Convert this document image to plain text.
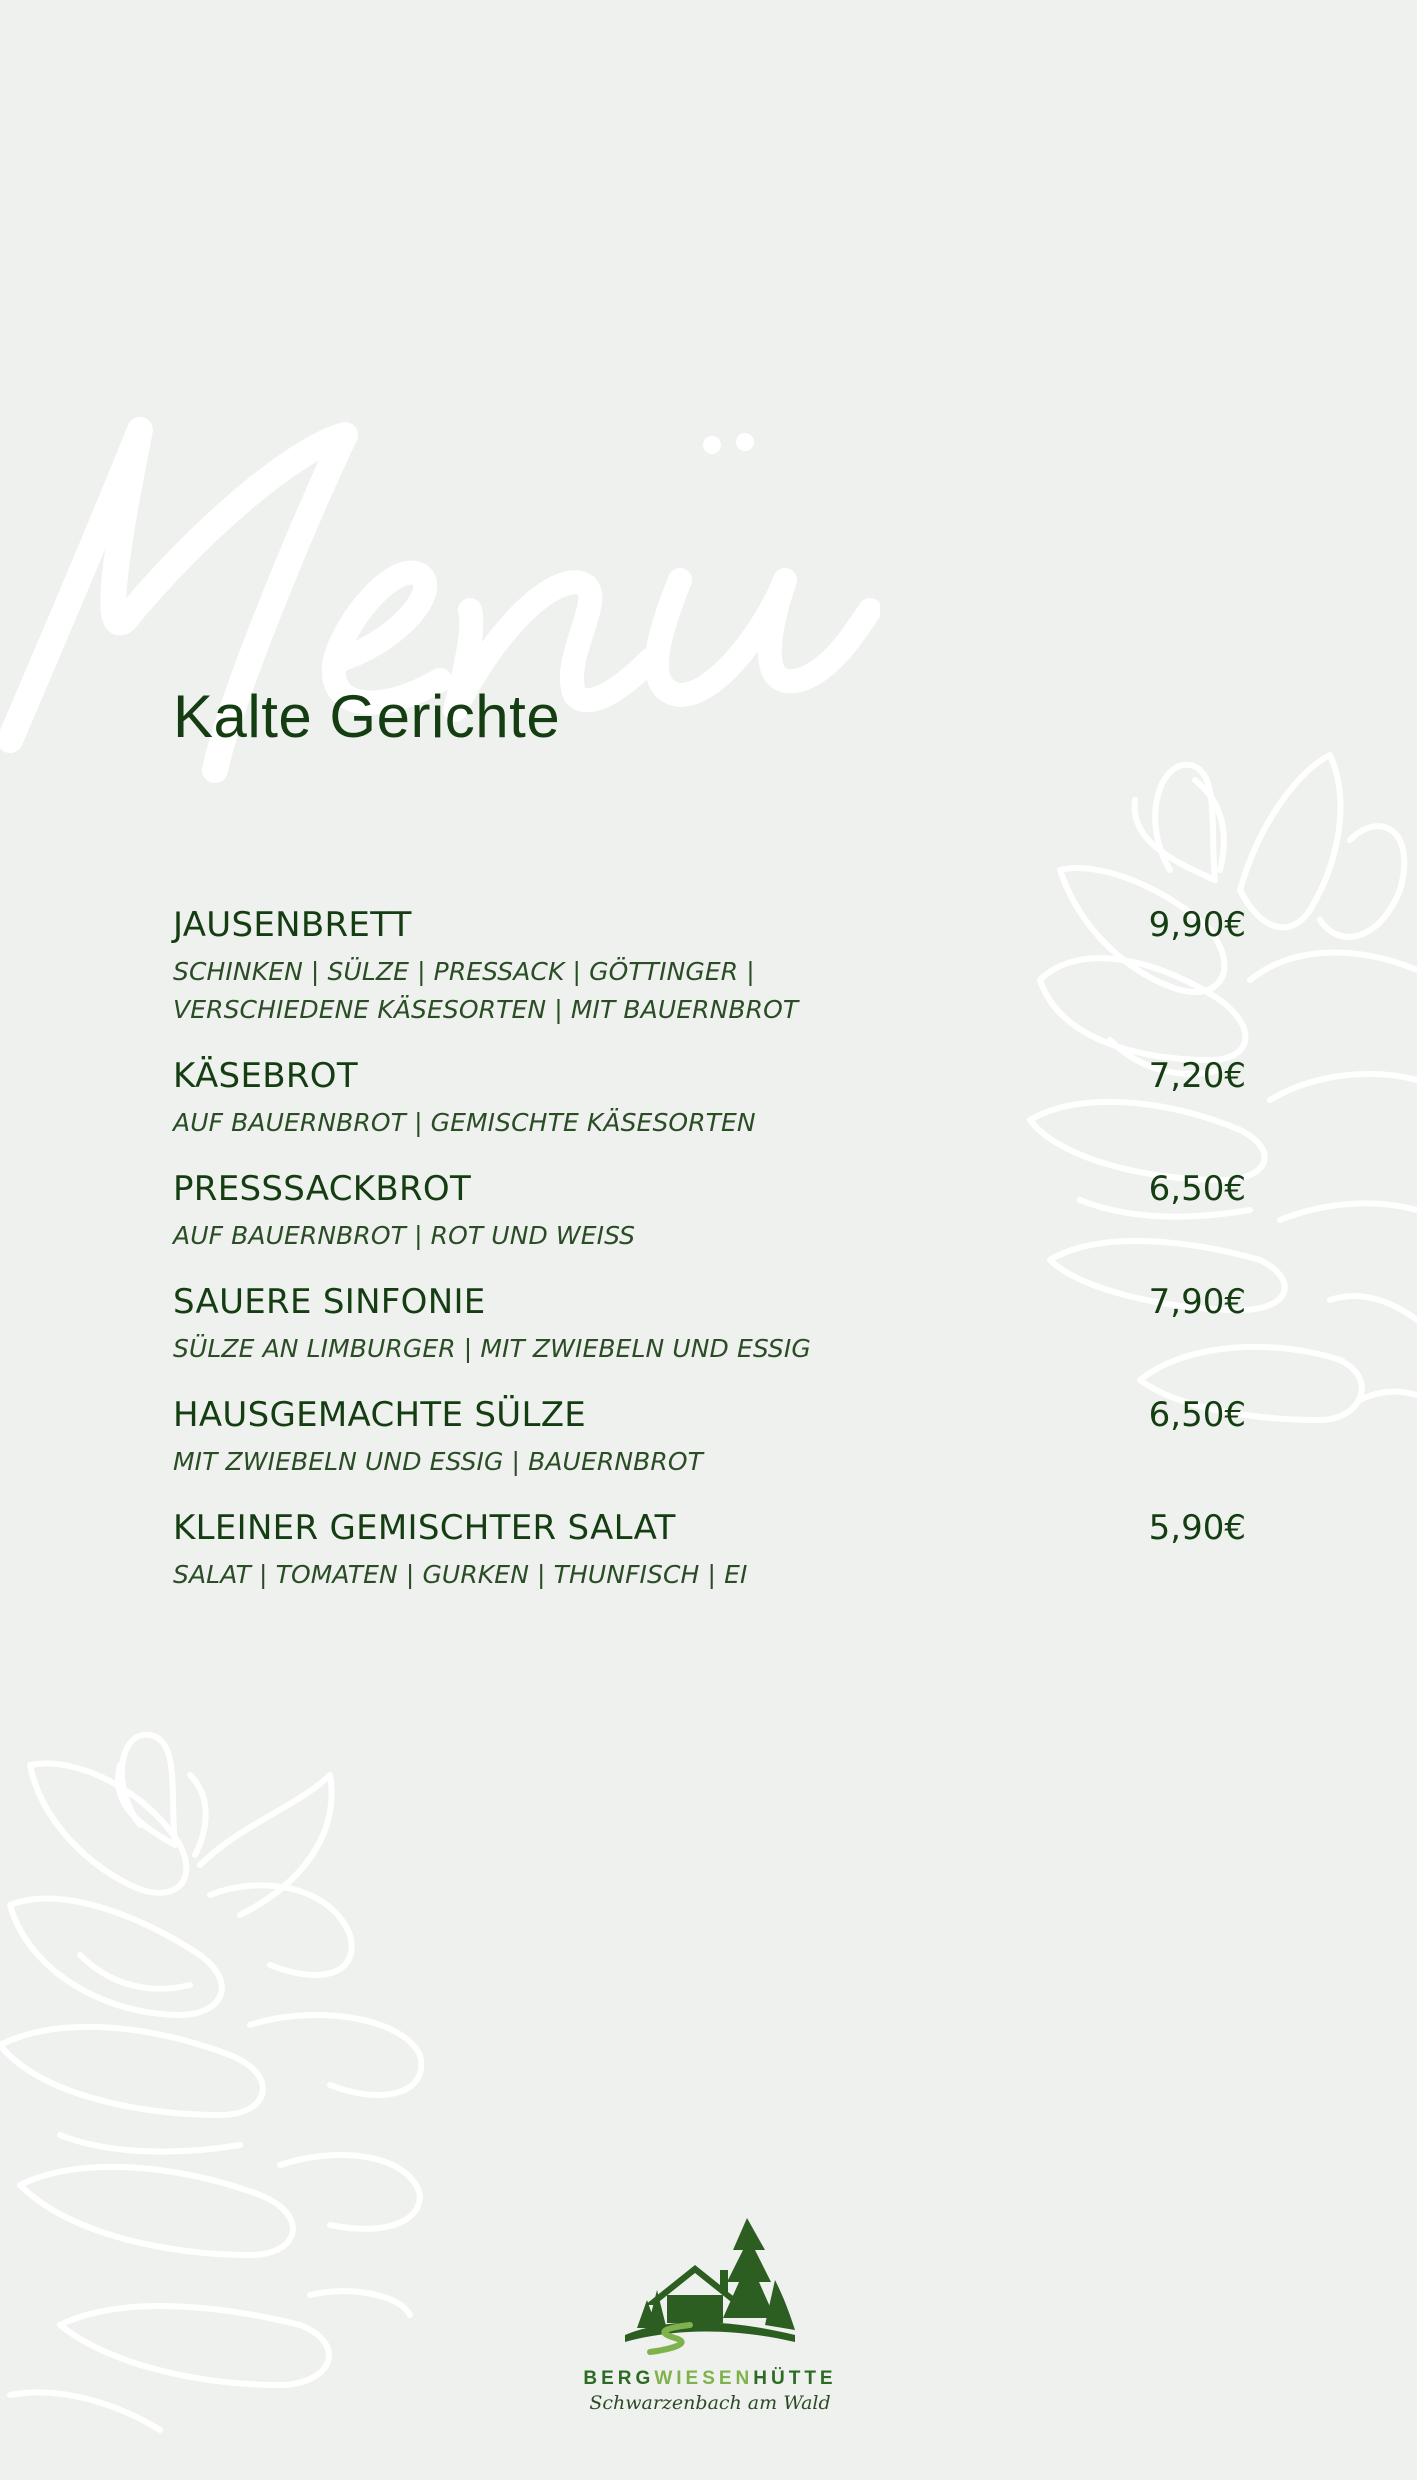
Kalte Gerichte
JAUSENBRETT	9,90€
SCHINKEN | SÜLZE | PRESSACK | GÖTTINGER |
VERSCHIEDENE KÄSESORTEN | MIT BAUERNBROT
KÄSEBROT	7,20€
AUF BAUERNBROT | GEMISCHTE KÄSESORTEN
PRESSSACKBROT	6,50€
AUF BAUERNBROT | ROT UND WEISS
SAUERE SINFONIE	7,90€
SÜLZE AN LIMBURGER | MIT ZWIEBELN UND ESSIG
HAUSGEMACHTE SÜLZE	6,50€
MIT ZWIEBELN UND ESSIG | BAUERNBROT
KLEINER GEMISCHTER SALAT	5,90€
SALAT | TOMATEN | GURKEN | THUNFISCH | EI
BERGWIESENHÜTTE
Schwarzenbach am Wald
